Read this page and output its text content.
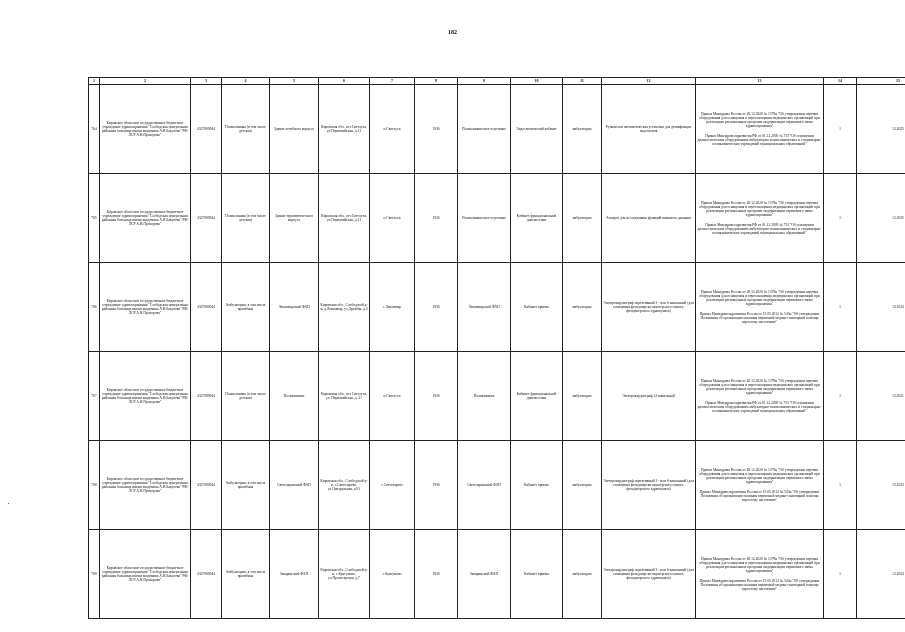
182
1	2	3	4	5	6	7	8	9	10	11	12	13	14	15
764	Кировское областное государственное бюджетное учреждение здравоохранения "Слободская центральная районная больница имени академика А.Н.Бакулева" РФ/ЛСР А.Н.Прохорова"	4327000944	Поликлиника (в том числе детская)	Здание лечебного корпуса	Кировская обл., пгт.Светлуха, ул.Первомайская, д.21	п.Светлуха	1936	Поликлиническое отделение	Эндоскопический кабинет	амбулаторно	Ручная или автоматическая установка для дезинфекции эндоскопов	Приказ Минздрава России от 28.12.2020 № 1379н "Об утверждении перечня оборудования для оснащения и переоснащения медицинских организаций при реализации региональных программ модернизации первичного звена здравоохранения"
Приказ Минздравсоцразвития РФ от 01.12.2005 № 753 "Об оснащении диагностическим оборудованием амбулаторно-поликлинических и стационарно-поликлинических учреждений муниципальных образований"	1	12.2025
765	Кировское областное государственное бюджетное учреждение здравоохранения "Слободская центральная районная больница имени академика А.Н.Бакулева" РФ/ЛСР А.Н.Прохорова"	4327000944	Поликлиника (в том числе детская)	Здание терапевтического корпуса	Кировская обл., пгт.Светлуха, ул.Первомайская, д.21	п.Светлуха	1936	Поликлиническое отделение	Кабинет функциональной диагностики	амбулаторно	Аппарат для исследования функций внешнего дыхания	Приказ Минздрава России от 28.12.2020 № 1379н "Об утверждении перечня оборудования для оснащения и переоснащения медицинских организаций при реализации региональных программ модернизации первичного звена здравоохранения"
Приказ Минздравсоцразвития РФ от 01.12.2005 № 753 "Об оснащении диагностическим оборудованием амбулаторно-поликлинических и стационарно-поликлинических учреждений муниципальных образований"	1	12.2025
766	Кировское областное государственное бюджетное учреждение здравоохранения "Слободская центральная районная больница имени академика А.Н.Бакулева" РФ/ЛСР А.Н.Прохорова"	4327000944	Амбулатория, в том числе врачебная	Лекомвырский ФАП	Кировская обл., Слободской р-н, д.Лекомвыр, ул.Дружбы, д.4	с.Лекомвыр	1936	Лекомвырский ФАП	Кабинет приема	амбулаторно	Электрокардиограф портативный 3 - или 6-канальный (для оснащения фельдшерско-акушерского пункта, фельдшерского здравпункта)	Приказ Минздрава России от 28.12.2020 № 1379н "Об утверждении перечня оборудования для оснащения и переоснащения медицинских организаций при реализации региональных программ модернизации первичного звена здравоохранения"
Приказ Минздравсоцразвития России от 15.05.2012 № 543н "Об утверждении Положения об организации оказания первичной медико-санитарной помощи взрослому населению"	1	12.2024
767	Кировское областное государственное бюджетное учреждение здравоохранения "Слободская центральная районная больница имени академика А.Н.Бакулева" РФ/ЛСР А.Н.Прохорова"	4327000944	Поликлиника (в том числе детская)	Поликлиника	Кировская обл., пгт Светлуха, ул. Первомайская, д. 21	п.Светлуха	1936	Поликлиника	Кабинет функциональной диагностики	амбулаторно	Электрокардиограф 12-канальный	Приказ Минздрава России от 28.12.2020 № 1379н "Об утверждении перечня оборудования для оснащения и переоснащения медицинских организаций при реализации региональных программ модернизации первичного звена здравоохранения"
Приказ Минздравсоцразвития РФ от 01.12.2005 № 753 "Об оснащении диагностическим оборудованием амбулаторно-поликлинических и стационарно-поликлинических учреждений муниципальных образований"	1	12.2021
768	Кировское областное государственное бюджетное учреждение здравоохранения "Слободская центральная районная больница имени академика А.Н.Бакулева" РФ/ЛСР А.Н.Прохорова"	4327000944	Амбулатория, в том числе врачебная	Светозаринский ФАП	Кировская обл., Слободской р-н, с.Светозарево, ул.Центральная, д.91	с.Светозарево	1936	Светозаринский ФАП	Кабинет приема	амбулаторно	Электрокардиограф портативный 3 - или 6-канальный (для оснащения фельдшерско-акушерского пункта, фельдшерского здравпункта)	Приказ Минздрава России от 28.12.2020 № 1379н "Об утверждении перечня оборудования для оснащения и переоснащения медицинских организаций при реализации региональных программ модернизации первичного звена здравоохранения"
Приказ Минздравсоцразвития России от 15.05.2012 № 543н "Об утверждении Положения об организации оказания первичной медико-санитарной помощи взрослому населению"	1	12.2023
769	Кировское областное государственное бюджетное учреждение здравоохранения "Слободская центральная районная больница имени академика А.Н.Бакулева" РФ/ЛСР А.Н.Прохорова"	4327000944	Амбулатория, в том числе врачебная	Закаринский ФАП	Кировская обл., Слободской р-н, с.Кунгуново, ул.Пролетарская, д.7	с.Кунгуново	1936	Закаринский ФАП	Кабинет приема	амбулаторно	Электрокардиограф портативный 3 - или 6-канальный (для оснащения фельдшерско-акушерского пункта, фельдшерского здравпункта)	Приказ Минздрава России от 28.12.2020 № 1379н "Об утверждении перечня оборудования для оснащения и переоснащения медицинских организаций при реализации региональных программ модернизации первичного звена здравоохранения"
Приказ Минздравсоцразвития России от 15.05.2012 № 543н "Об утверждении Положения об организации оказания первичной медико-санитарной помощи взрослому населению"	1	12.2024
